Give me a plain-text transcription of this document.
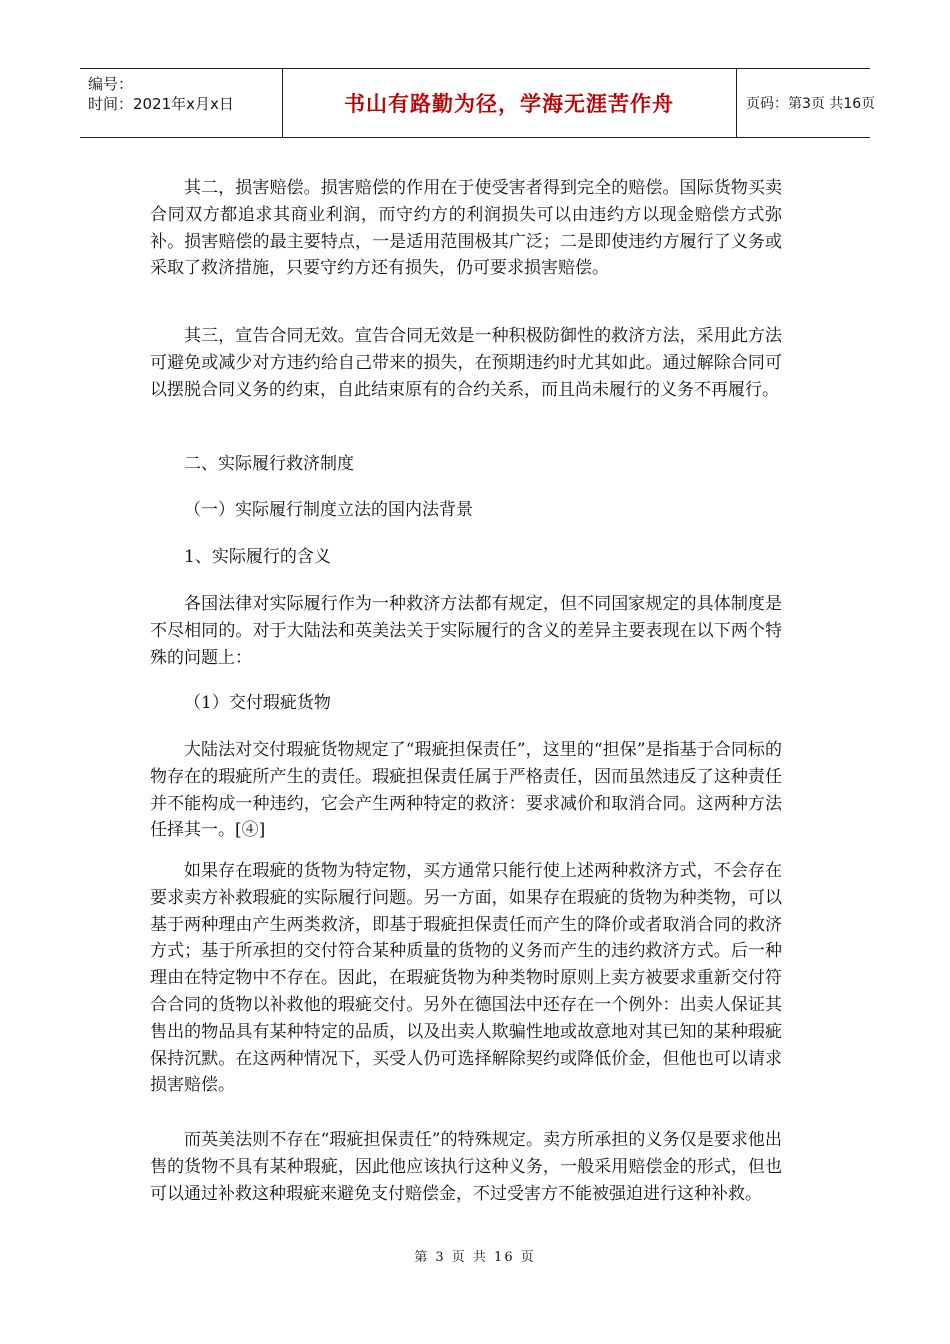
编号：
时间：2021年x月x日	书山有路勤为径，学海无涯苦作舟	页码：第3页 共16页

其二，损害赔偿。损害赔偿的作用在于使受害者得到完全的赔偿。国际货物买卖合同双方都追求其商业利润，而守约方的利润损失可以由违约方以现金赔偿方式弥补。损害赔偿的最主要特点，一是适用范围极其广泛；二是即使违约方履行了义务或采取了救济措施，只要守约方还有损失，仍可要求损害赔偿。

其三，宣告合同无效。宣告合同无效是一种积极防御性的救济方法，采用此方法可避免或减少对方违约给自己带来的损失，在预期违约时尤其如此。通过解除合同可以摆脱合同义务的约束，自此结束原有的合约关系，而且尚未履行的义务不再履行。

二、实际履行救济制度

（一）实际履行制度立法的国内法背景

1、实际履行的含义

各国法律对实际履行作为一种救济方法都有规定，但不同国家规定的具体制度是不尽相同的。对于大陆法和英美法关于实际履行的含义的差异主要表现在以下两个特殊的问题上：

（1）交付瑕疵货物

大陆法对交付瑕疵货物规定了“瑕疵担保责任”，这里的“担保”是指基于合同标的物存在的瑕疵所产生的责任。瑕疵担保责任属于严格责任，因而虽然违反了这种责任并不能构成一种违约，它会产生两种特定的救济：要求减价和取消合同。这两种方法任择其一。[④]

如果存在瑕疵的货物为特定物，买方通常只能行使上述两种救济方式，不会存在要求卖方补救瑕疵的实际履行问题。另一方面，如果存在瑕疵的货物为种类物，可以基于两种理由产生两类救济，即基于瑕疵担保责任而产生的降价或者取消合同的救济方式；基于所承担的交付符合某种质量的货物的义务而产生的违约救济方式。后一种理由在特定物中不存在。因此，在瑕疵货物为种类物时原则上卖方被要求重新交付符合合同的货物以补救他的瑕疵交付。另外在德国法中还存在一个例外：出卖人保证其售出的物品具有某种特定的品质，以及出卖人欺骗性地或故意地对其已知的某种瑕疵保持沉默。在这两种情况下，买受人仍可选择解除契约或降低价金，但他也可以请求损害赔偿。

而英美法则不存在“瑕疵担保责任”的特殊规定。卖方所承担的义务仅是要求他出售的货物不具有某种瑕疵，因此他应该执行这种义务，一般采用赔偿金的形式，但也可以通过补救这种瑕疵来避免支付赔偿金，不过受害方不能被强迫进行这种补救。

第 3 页 共 16 页
